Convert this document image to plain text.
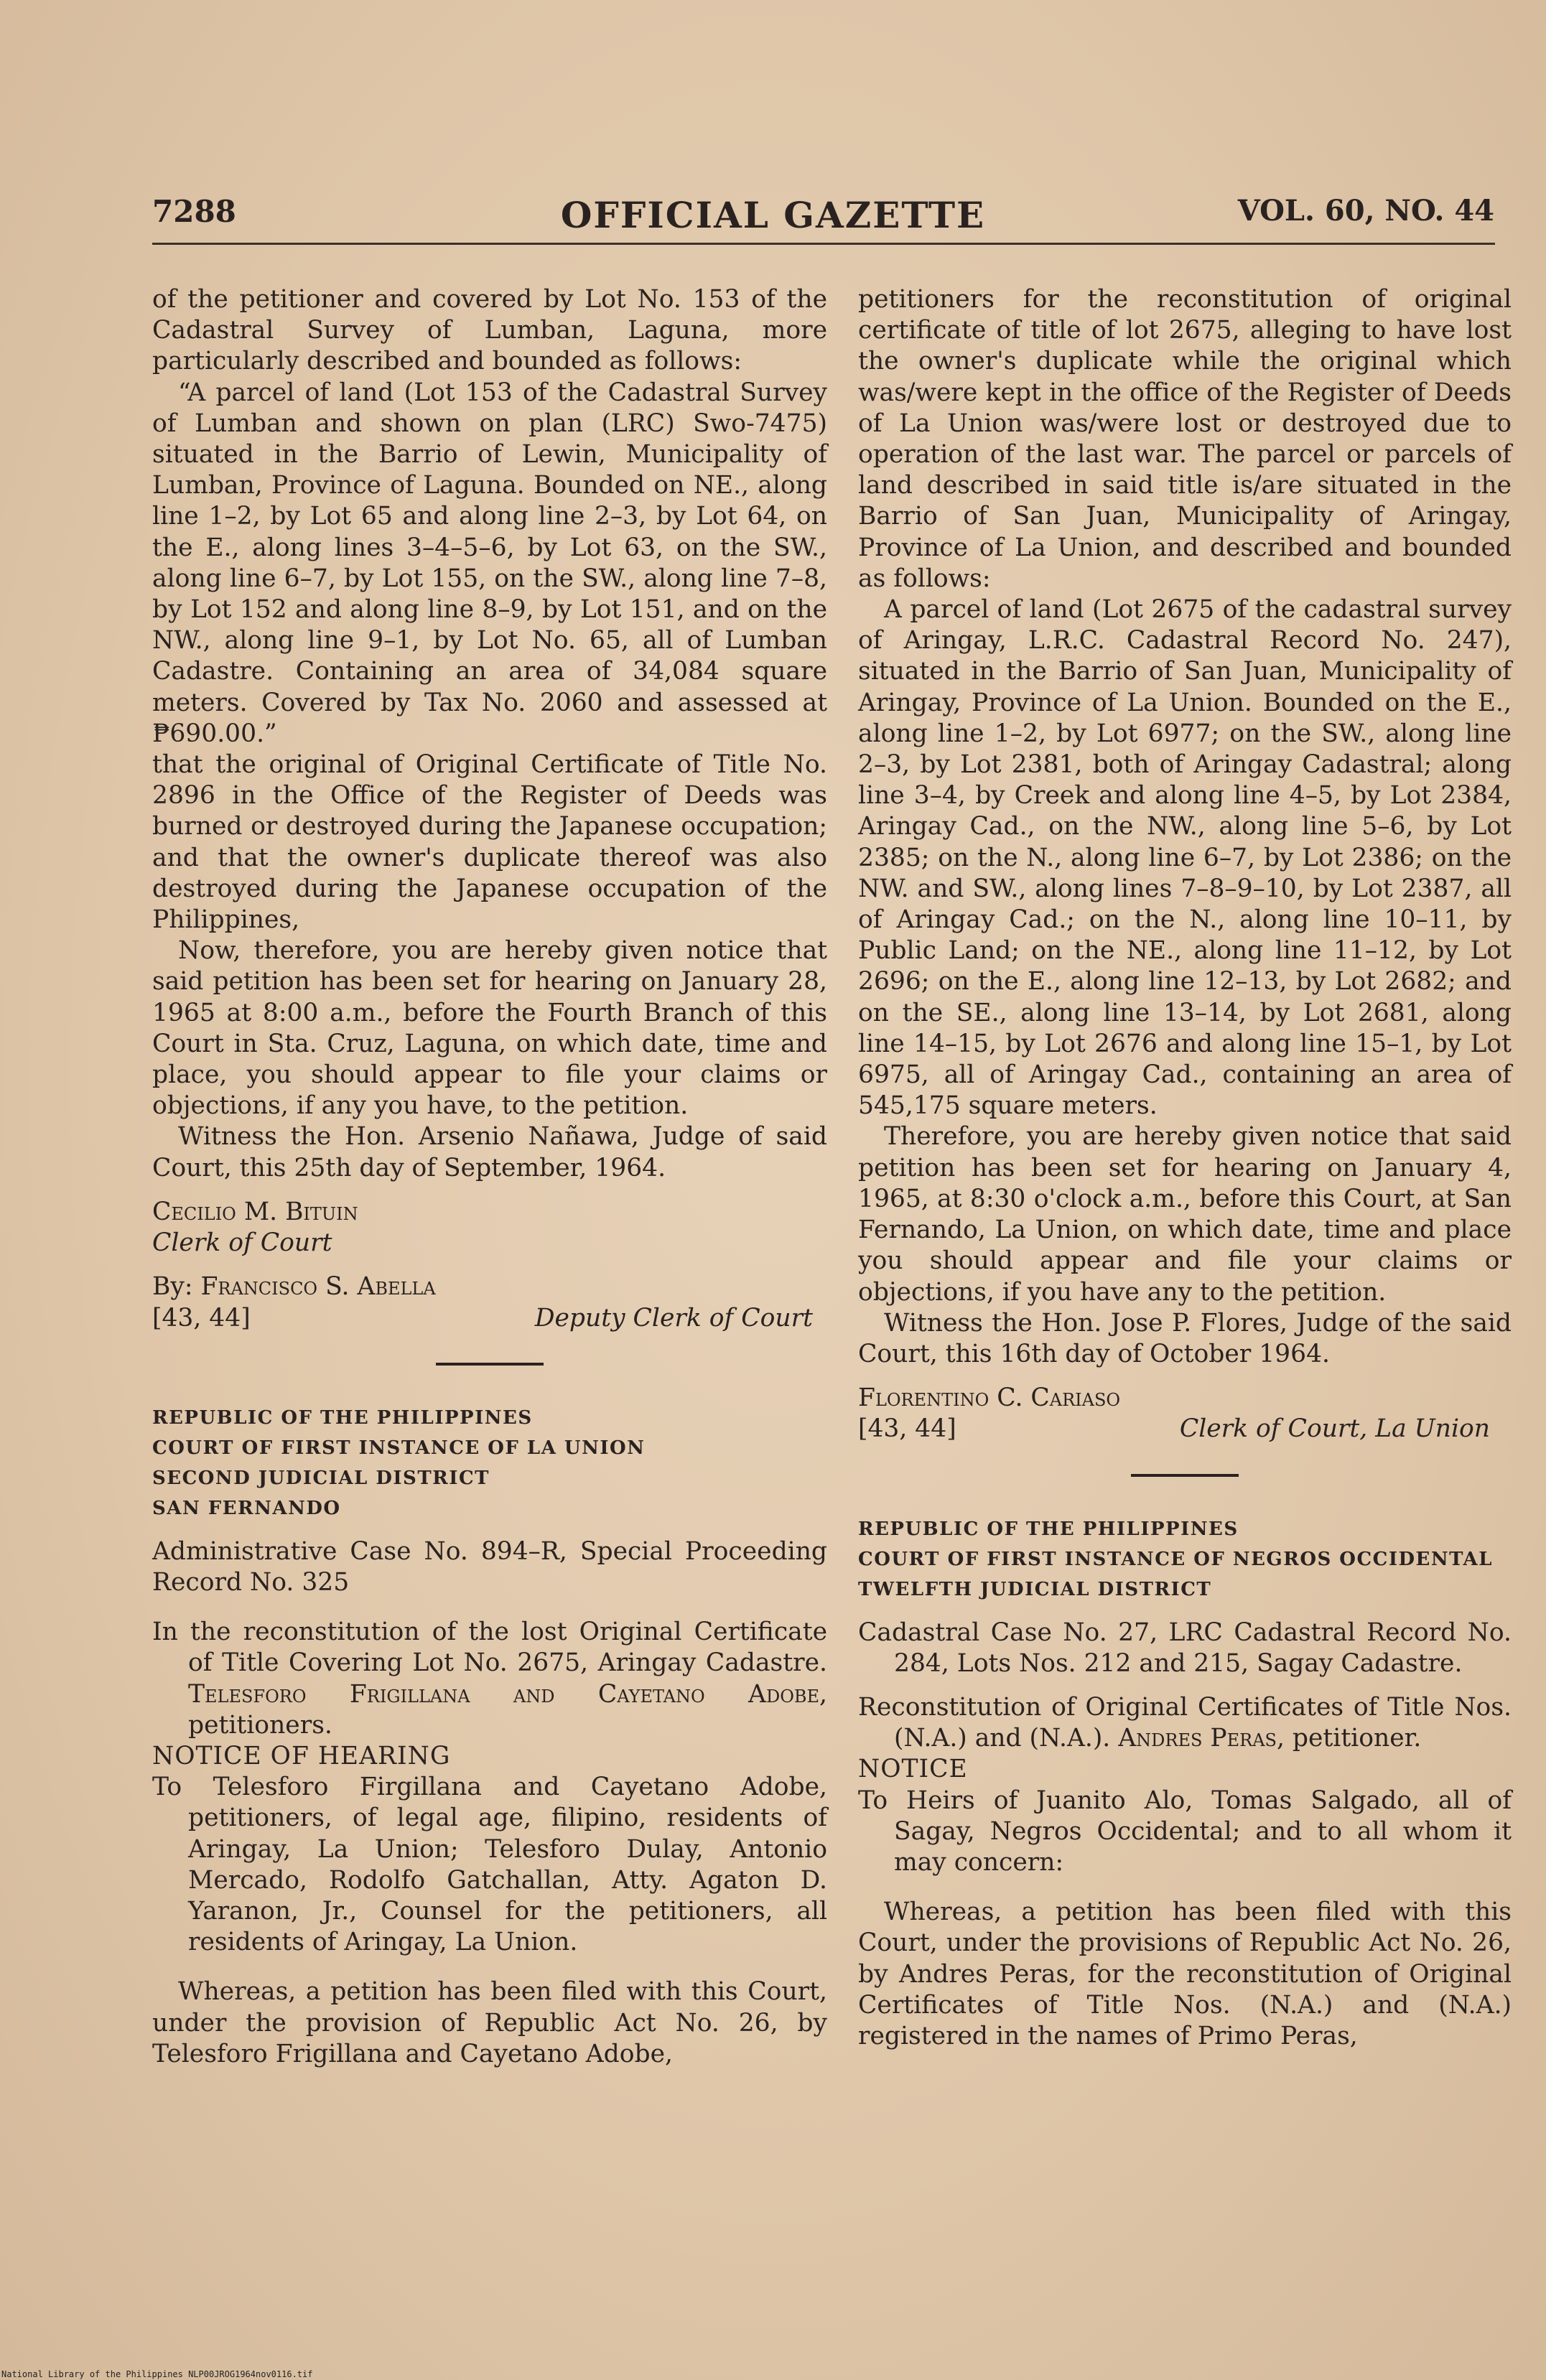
7288	OFFICIAL GAZETTE	VOL. 60, NO. 44

of the petitioner and covered by Lot No. 153 of the Cadastral Survey of Lumban, Laguna, more particularly described and bounded as follows:

“A parcel of land (Lot 153 of the Cadastral Survey of Lumban and shown on plan (LRC) Swo-7475) situated in the Barrio of Lewin, Municipality of Lumban, Province of Laguna. Bounded on NE., along line 1–2, by Lot 65 and along line 2–3, by Lot 64, on the E., along lines 3–4–5–6, by Lot 63, on the SW., along line 6–7, by Lot 155, on the SW., along line 7–8, by Lot 152 and along line 8–9, by Lot 151, and on the NW., along line 9–1, by Lot No. 65, all of Lumban Cadastre. Containing an area of 34,084 square meters. Covered by Tax No. 2060 and assessed at ₱690.00.”

that the original of Original Certificate of Title No. 2896 in the Office of the Register of Deeds was burned or destroyed during the Japanese occupation; and that the owner's duplicate thereof was also destroyed during the Japanese occupation of the Philippines,

Now, therefore, you are hereby given notice that said petition has been set for hearing on January 28, 1965 at 8:00 a.m., before the Fourth Branch of this Court in Sta. Cruz, Laguna, on which date, time and place, you should appear to file your claims or objections, if any you have, to the petition.

Witness the Hon. Arsenio Nañawa, Judge of said Court, this 25th day of September, 1964.

Cecilio M. Bituin

Clerk of Court

By: Francisco S. Abella

[43, 44]	Deputy Clerk of Court

REPUBLIC OF THE PHILIPPINES

COURT OF FIRST INSTANCE OF LA UNION

SECOND JUDICIAL DISTRICT

SAN FERNANDO

Administrative Case No. 894–R, Special Proceeding Record No. 325

In the reconstitution of the lost Original Certificate of Title Covering Lot No. 2675, Aringay Cadastre. Telesforo Frigillana and Cayetano Adobe, petitioners.

NOTICE OF HEARING

To Telesforo Firgillana and Cayetano Adobe, petitioners, of legal age, filipino, residents of Aringay, La Union; Telesforo Dulay, Antonio Mercado, Rodolfo Gatchallan, Atty. Agaton D. Yaranon, Jr., Counsel for the petitioners, all residents of Aringay, La Union.

Whereas, a petition has been filed with this Court, under the provision of Republic Act No. 26, by Telesforo Frigillana and Cayetano Adobe,

petitioners for the reconstitution of original certificate of title of lot 2675, alleging to have lost the owner's duplicate while the original which was/were kept in the office of the Register of Deeds of La Union was/were lost or destroyed due to operation of the last war. The parcel or parcels of land described in said title is/are situated in the Barrio of San Juan, Municipality of Aringay, Province of La Union, and described and bounded as follows:

A parcel of land (Lot 2675 of the cadastral survey of Aringay, L.R.C. Cadastral Record No. 247), situated in the Barrio of San Juan, Municipality of Aringay, Province of La Union. Bounded on the E., along line 1–2, by Lot 6977; on the SW., along line 2–3, by Lot 2381, both of Aringay Cadastral; along line 3–4, by Creek and along line 4–5, by Lot 2384, Aringay Cad., on the NW., along line 5–6, by Lot 2385; on the N., along line 6–7, by Lot 2386; on the NW. and SW., along lines 7–8–9–10, by Lot 2387, all of Aringay Cad.; on the N., along line 10–11, by Public Land; on the NE., along line 11–12, by Lot 2696; on the E., along line 12–13, by Lot 2682; and on the SE., along line 13–14, by Lot 2681, along line 14–15, by Lot 2676 and along line 15–1, by Lot 6975, all of Aringay Cad., containing an area of 545,175 square meters.

Therefore, you are hereby given notice that said petition has been set for hearing on January 4, 1965, at 8:30 o'clock a.m., before this Court, at San Fernando, La Union, on which date, time and place you should appear and file your claims or objections, if you have any to the petition.

Witness the Hon. Jose P. Flores, Judge of the said Court, this 16th day of October 1964.

Florentino C. Cariaso

[43, 44]	Clerk of Court, La Union

REPUBLIC OF THE PHILIPPINES

COURT OF FIRST INSTANCE OF NEGROS OCCIDENTAL

TWELFTH JUDICIAL DISTRICT

Cadastral Case No. 27, LRC Cadastral Record No. 284, Lots Nos. 212 and 215, Sagay Cadastre.

Reconstitution of Original Certificates of Title Nos. (N.A.) and (N.A.). Andres Peras, petitioner.

NOTICE

To Heirs of Juanito Alo, Tomas Salgado, all of Sagay, Negros Occidental; and to all whom it may concern:

Whereas, a petition has been filed with this Court, under the provisions of Republic Act No. 26, by Andres Peras, for the reconstitution of Original Certificates of Title Nos. (N.A.) and (N.A.) registered in the names of Primo Peras,

National Library of the Philippines NLP00JROG1964nov0116.tif
